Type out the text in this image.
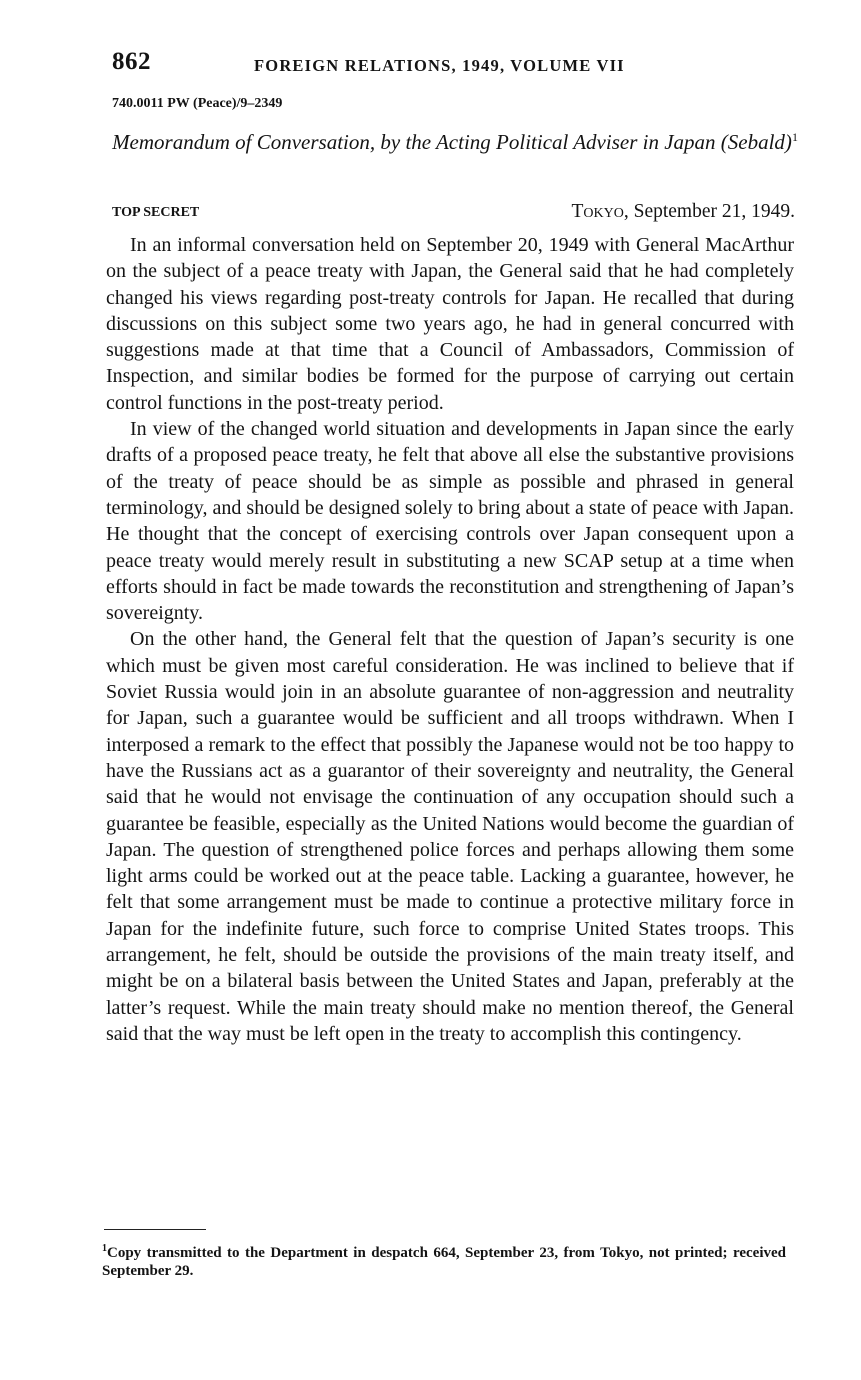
862	FOREIGN RELATIONS, 1949, VOLUME VII
740.0011 PW (Peace)/9–2349
Memorandum of Conversation, by the Acting Political Adviser in Japan (Sebald)$^1$
TOP SECRET	Tokyo, September 21, 1949.

In an informal conversation held on September 20, 1949 with General MacArthur on the subject of a peace treaty with Japan, the General said that he had completely changed his views regarding post-treaty controls for Japan. He recalled that during discussions on this subject some two years ago, he had in general concurred with suggestions made at that time that a Council of Ambassadors, Commission of Inspection, and similar bodies be formed for the purpose of carrying out certain control functions in the post-treaty period.

In view of the changed world situation and developments in Japan since the early drafts of a proposed peace treaty, he felt that above all else the substantive provisions of the treaty of peace should be as simple as possible and phrased in general terminology, and should be designed solely to bring about a state of peace with Japan. He thought that the concept of exercising controls over Japan consequent upon a peace treaty would merely result in substituting a new SCAP setup at a time when efforts should in fact be made towards the reconstitution and strengthening of Japan’s sovereignty.

On the other hand, the General felt that the question of Japan’s security is one which must be given most careful consideration. He was inclined to believe that if Soviet Russia would join in an absolute guarantee of non-aggression and neutrality for Japan, such a guarantee would be sufficient and all troops withdrawn. When I interposed a remark to the effect that possibly the Japanese would not be too happy to have the Russians act as a guarantor of their sovereignty and neutrality, the General said that he would not envisage the continuation of any occupation should such a guarantee be feasible, especially as the United Nations would become the guardian of Japan. The question of strengthened police forces and perhaps allowing them some light arms could be worked out at the peace table. Lacking a guarantee, however, he felt that some arrangement must be made to continue a protective military force in Japan for the indefinite future, such force to comprise United States troops. This arrangement, he felt, should be outside the provisions of the main treaty itself, and might be on a bilateral basis between the United States and Japan, preferably at the latter’s request. While the main treaty should make no mention thereof, the General said that the way must be left open in the treaty to accomplish this contingency.

$^1$Copy transmitted to the Department in despatch 664, September 23, from Tokyo, not printed; received September 29.
